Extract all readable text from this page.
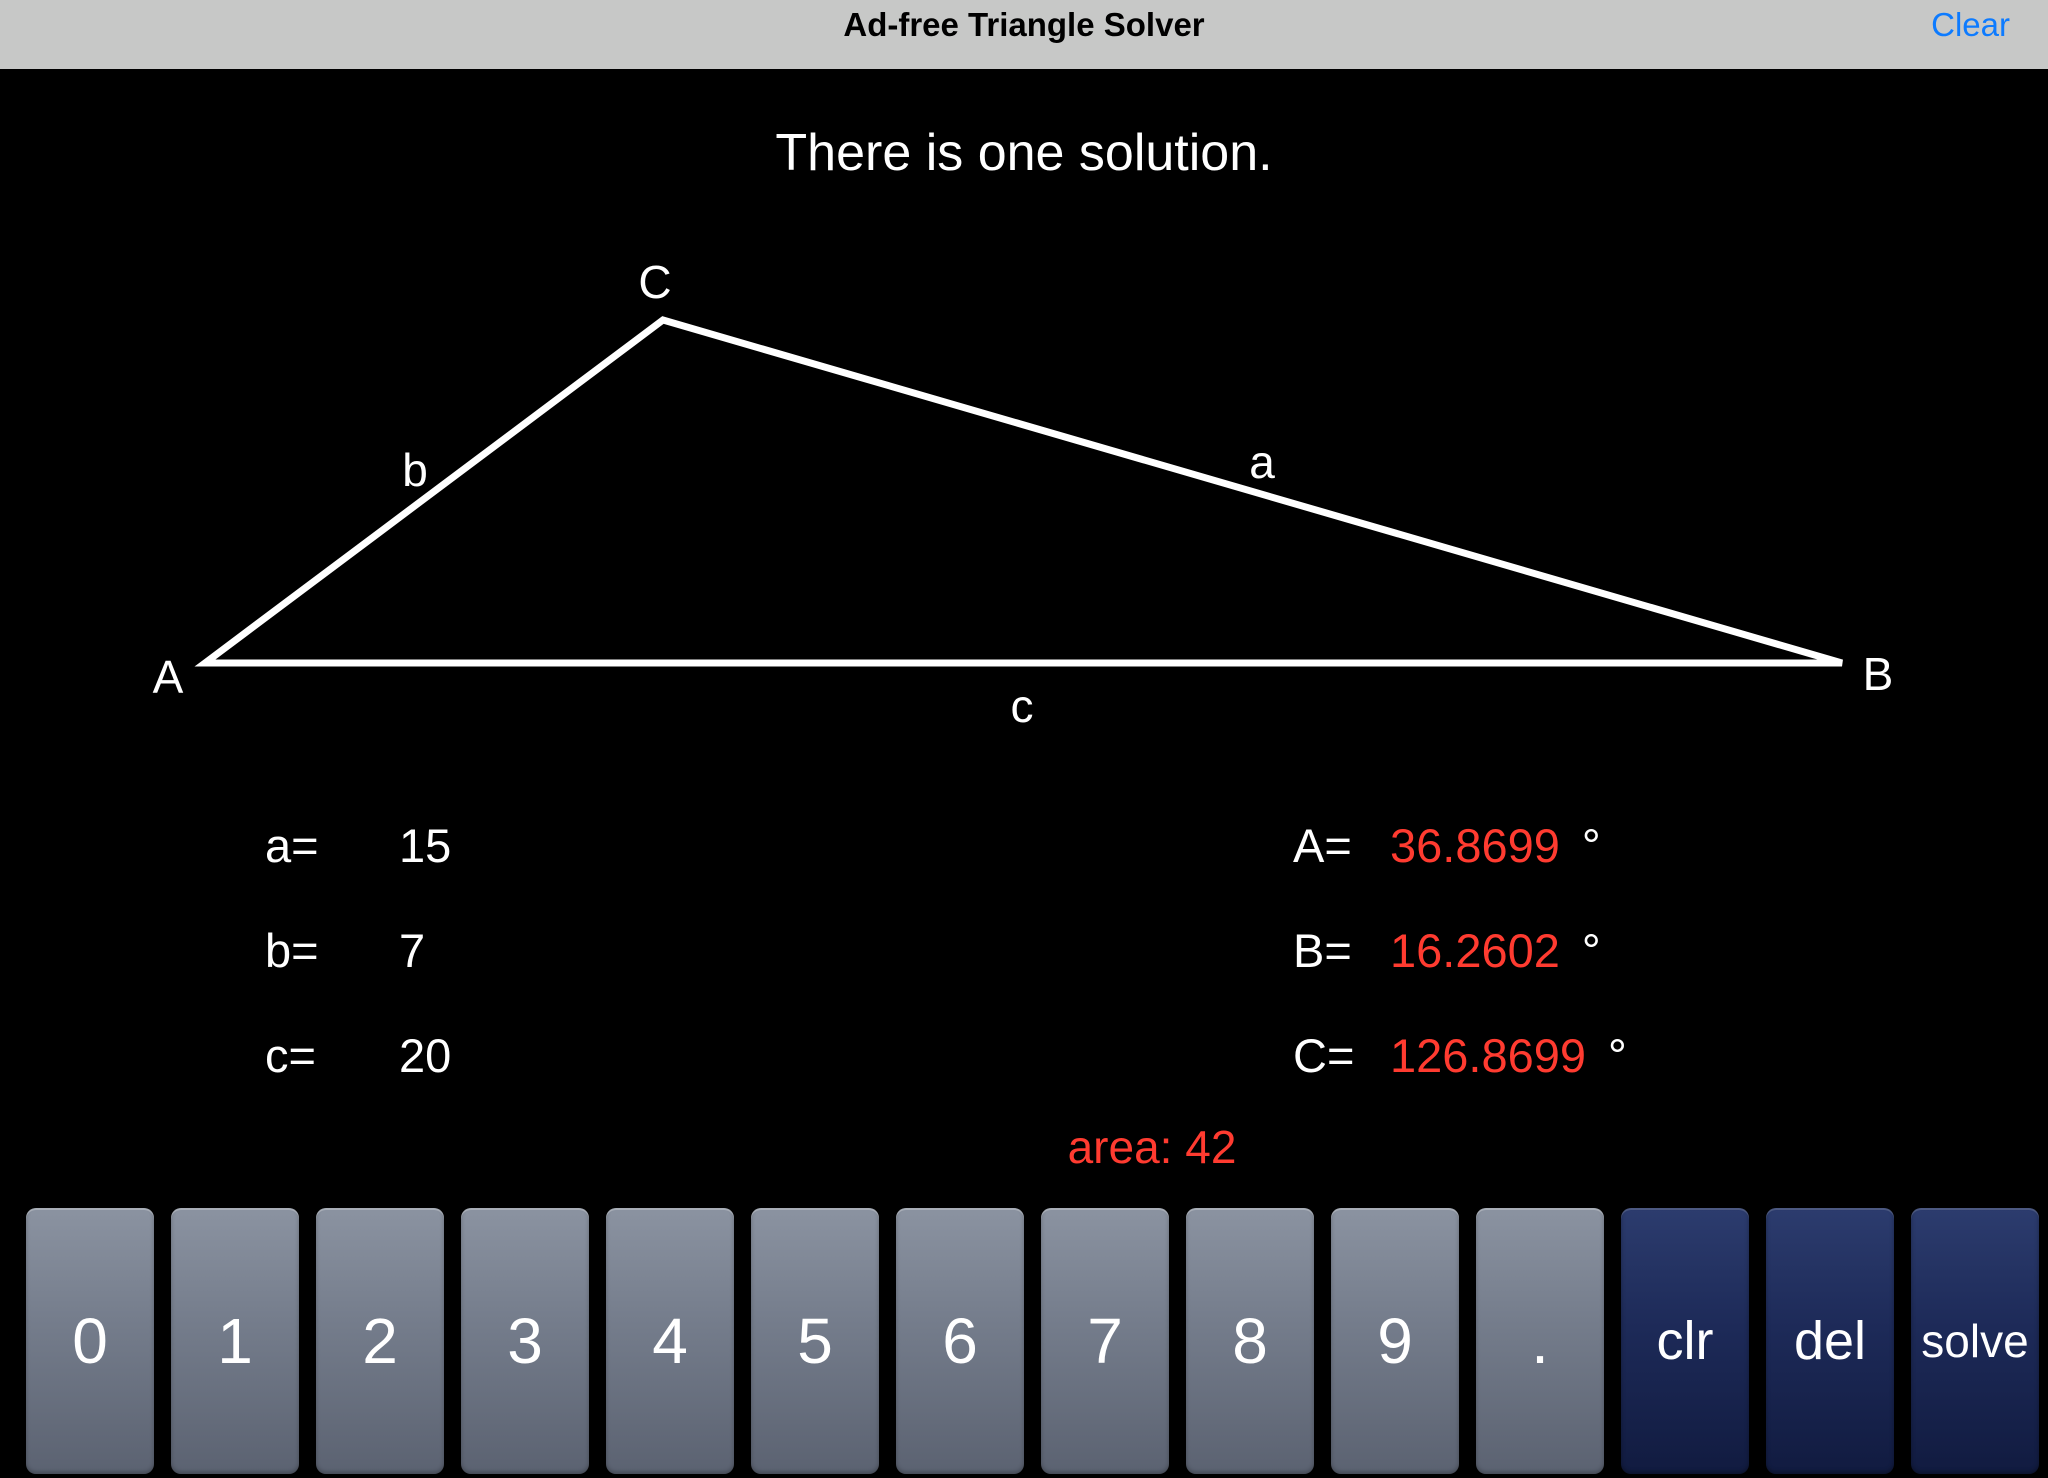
Ad-free Triangle Solver	Clear
There is one solution.
A	B
C
b	a
c
a=	15
b=	7
c=	20
A= 36.8699 °
B= 16.2602 °
C= 126.8699 °
area: 42
0 1 2 3 4 5 6 7 8 9 . clr del solve
